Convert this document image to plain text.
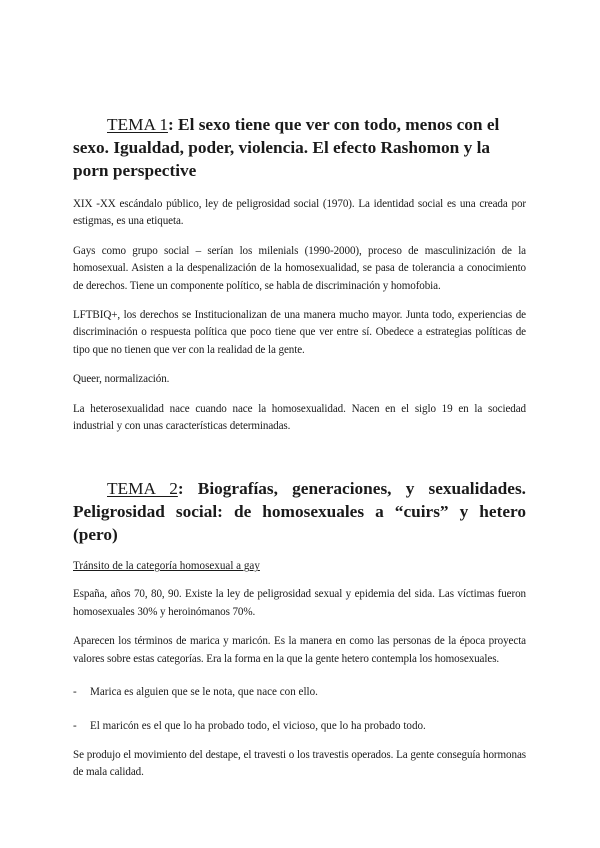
TEMA 1: El sexo tiene que ver con todo, menos con el
sexo. Igualdad, poder, violencia. El efecto Rashomon y la
porn perspective

XIX -XX escándalo público, ley de peligrosidad social (1970). La identidad social es una creada por estigmas, es una etiqueta.

Gays como grupo social – serían los milenials (1990-2000), proceso de masculinización de la homosexual. Asisten a la despenalización de la homosexualidad, se pasa de tolerancia a conocimiento de derechos. Tiene un componente político, se habla de discriminación y homofobia.

LFTBIQ+, los derechos se Institucionalizan de una manera mucho mayor. Junta todo, experiencias de discriminación o respuesta política que poco tiene que ver entre sí. Obedece a estrategias políticas de tipo que no tienen que ver con la realidad de la gente.

Queer, normalización.

La heterosexualidad nace cuando nace la homosexualidad. Nacen en el siglo 19 en la sociedad industrial y con unas características determinadas.

TEMA 2: Biografías, generaciones, y sexualidades.
Peligrosidad social: de homosexuales a “cuirs” y hetero (pero)
Tránsito de la categoría homosexual a gay

España, años 70, 80, 90. Existe la ley de peligrosidad sexual y epidemia del sida. Las víctimas fueron homosexuales 30% y heroinómanos 70%.

Aparecen los términos de marica y maricón. Es la manera en como las personas de la época proyecta valores sobre estas categorías. Era la forma en la que la gente hetero contempla los homosexuales.

- Marica es alguien que se le nota, que nace con ello.
- El maricón es el que lo ha probado todo, el vicioso, que lo ha probado todo.

Se produjo el movimiento del destape, el travesti o los travestis operados. La gente conseguía hormonas de mala calidad.
